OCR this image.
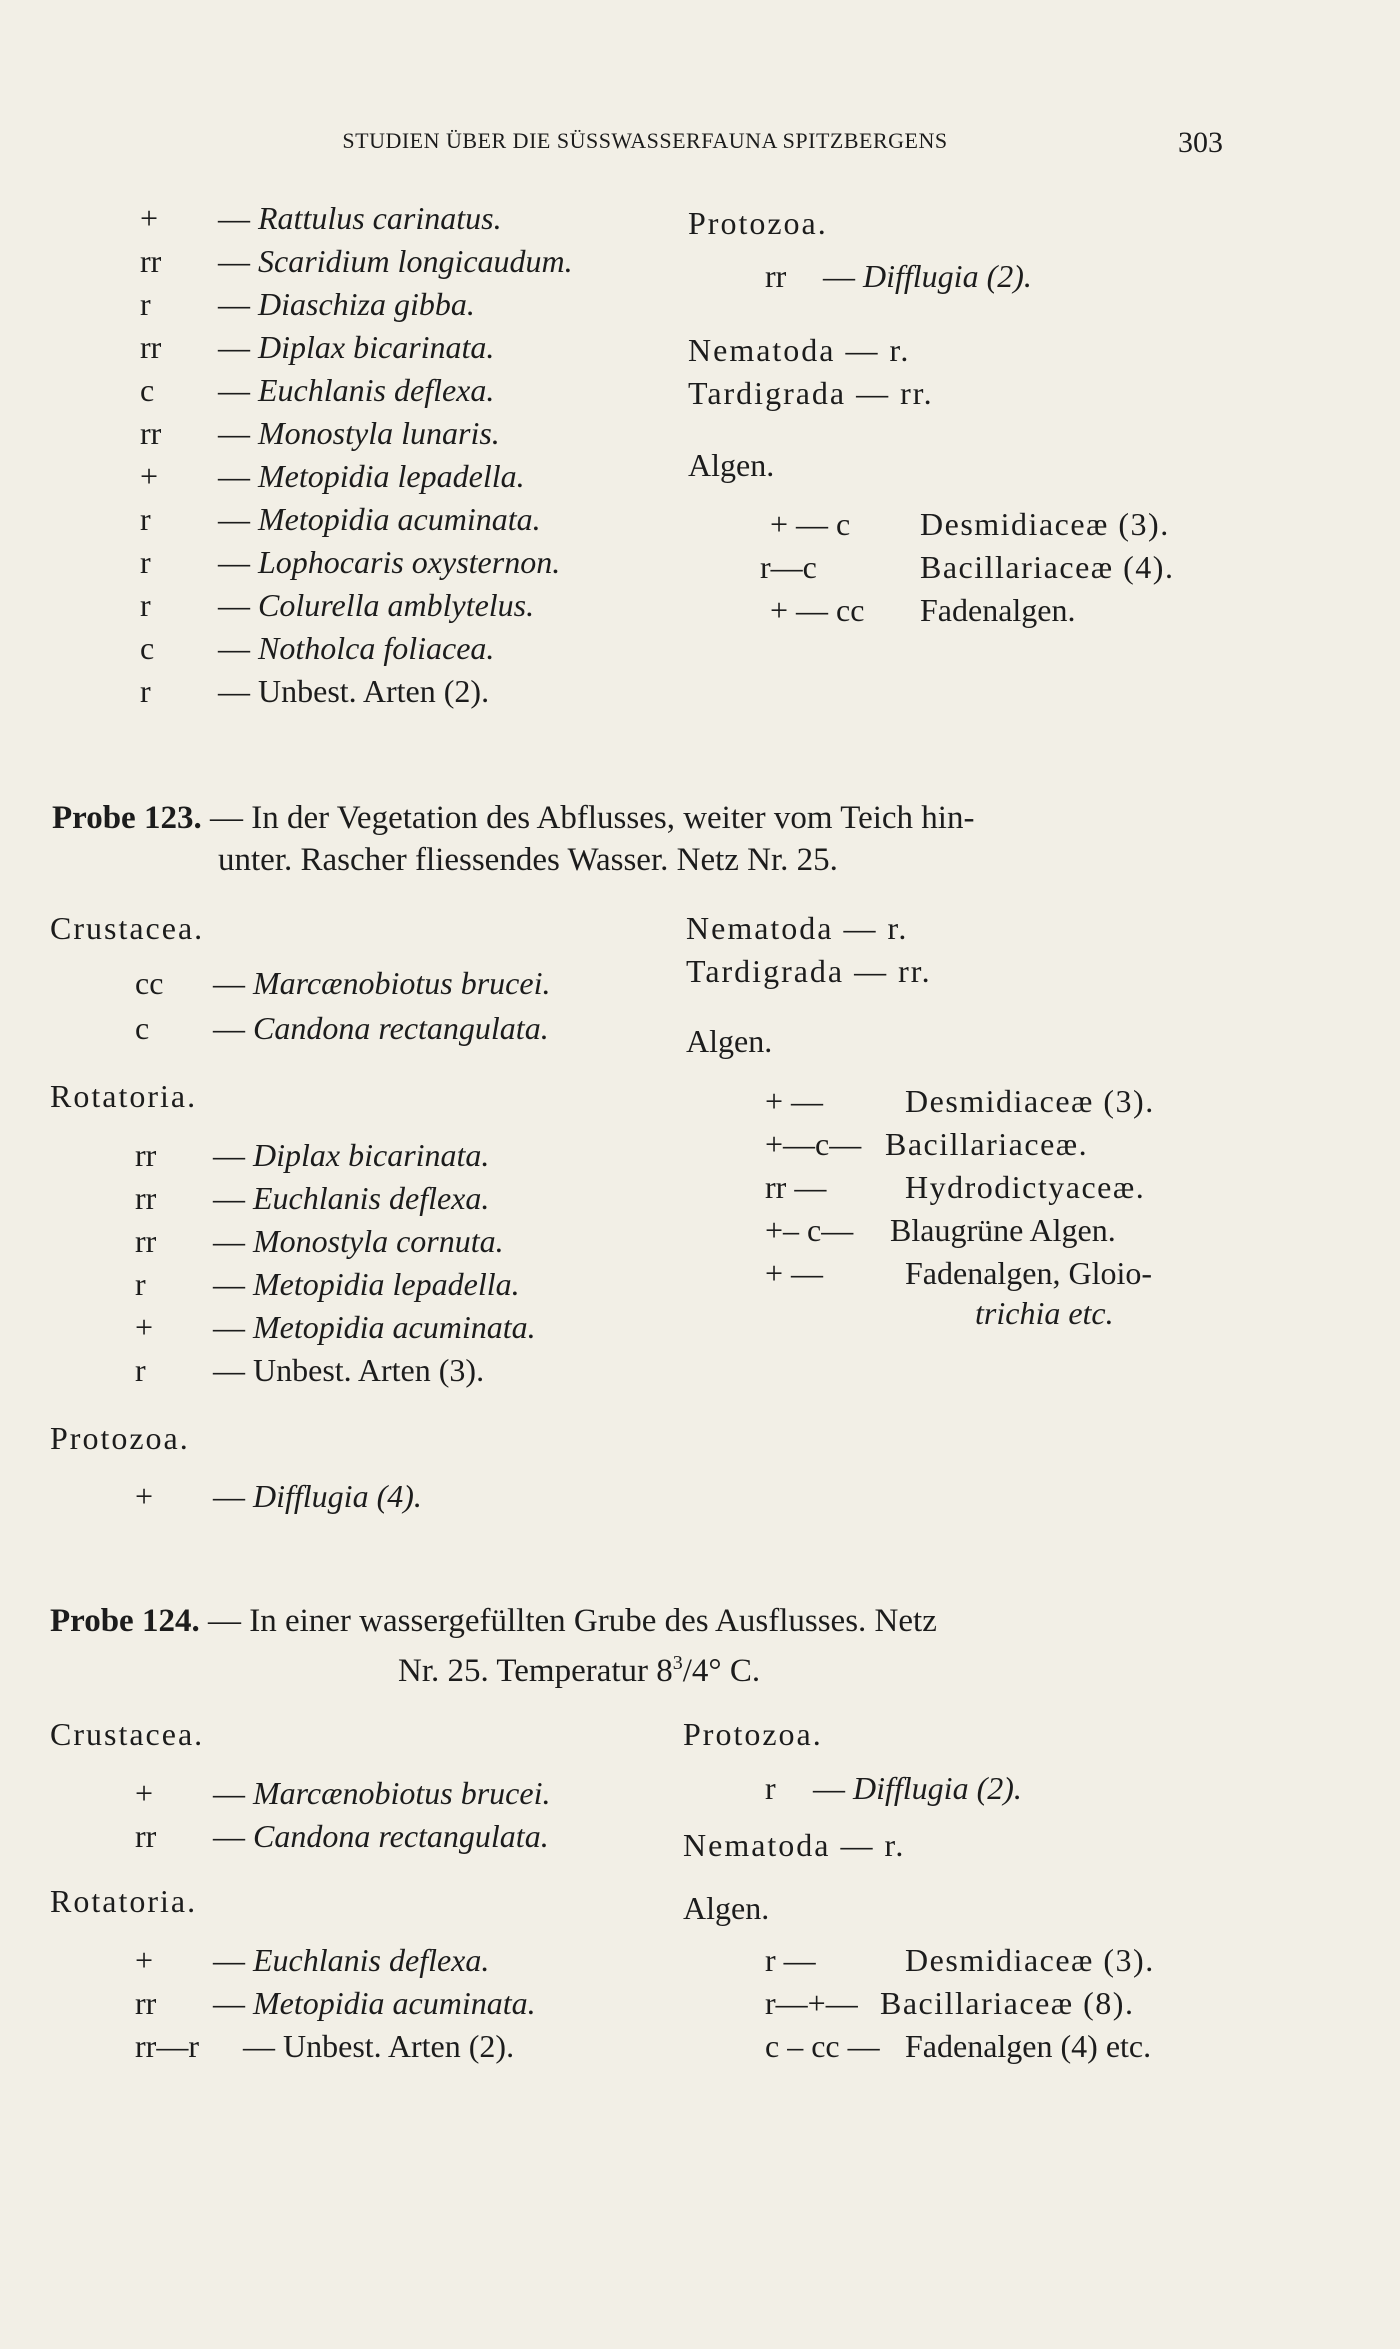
STUDIEN ÜBER DIE SÜSSWASSERFAUNA SPITZBERGENS	303
+ — Rattulus carinatus.
rr — Scaridium longicaudum.
r — Diaschiza gibba.
rr — Diplax bicarinata.
c — Euchlanis deflexa.
rr — Monostyla lunaris.
+ — Metopidia lepadella.
r — Metopidia acuminata.
r — Lophocaris oxysternon.
r — Colurella amblytelus.
c — Notholca foliacea.
r — Unbest. Arten (2).
Protozoa.
rr — Difflugia (2).
Nematoda — r.
Tardigrada — rr.
Algen.
+ — c Desmidiaceæ (3).
r—c	Bacillariaceæ (4).
+ — cc Fadenalgen.
Probe 123. — In der Vegetation des Abflusses, weiter vom Teich hin-
unter. Rascher fliessendes Wasser. Netz Nr. 25.
Crustacea.
cc — Marcænobiotus brucei.
c — Candona rectangulata.
Rotatoria.
rr — Diplax bicarinata.
rr — Euchlanis deflexa.
rr — Monostyla cornuta.
r — Metopidia lepadella.
+ — Metopidia acuminata.
r — Unbest. Arten (3).
Protozoa.
+ — Difflugia (4).
Nematoda — r.
Tardigrada — rr.
Algen.
+ —	Desmidiaceæ (3).
+—c— Bacillariaceæ.
rr — Hydrodictyaceæ.
+– c— Blaugrüne Algen.
+ —	Fadenalgen, Gloio-
trichia etc.
Probe 124. — In einer wassergefüllten Grube des Ausflusses. Netz
Nr. 25. Temperatur $8^3/4^\circ$ C.
Crustacea.
+ — Marcænobiotus brucei.
rr — Candona rectangulata.
Rotatoria.
+ — Euchlanis deflexa.
rr — Metopidia acuminata.
rr—r — Unbest. Arten (2).
Protozoa.
r — Difflugia (2).
Nematoda — r.
Algen.
r —	Desmidiaceæ (3).
r—+— Bacillariaceæ (8).
c – cc — Fadenalgen (4) etc.
